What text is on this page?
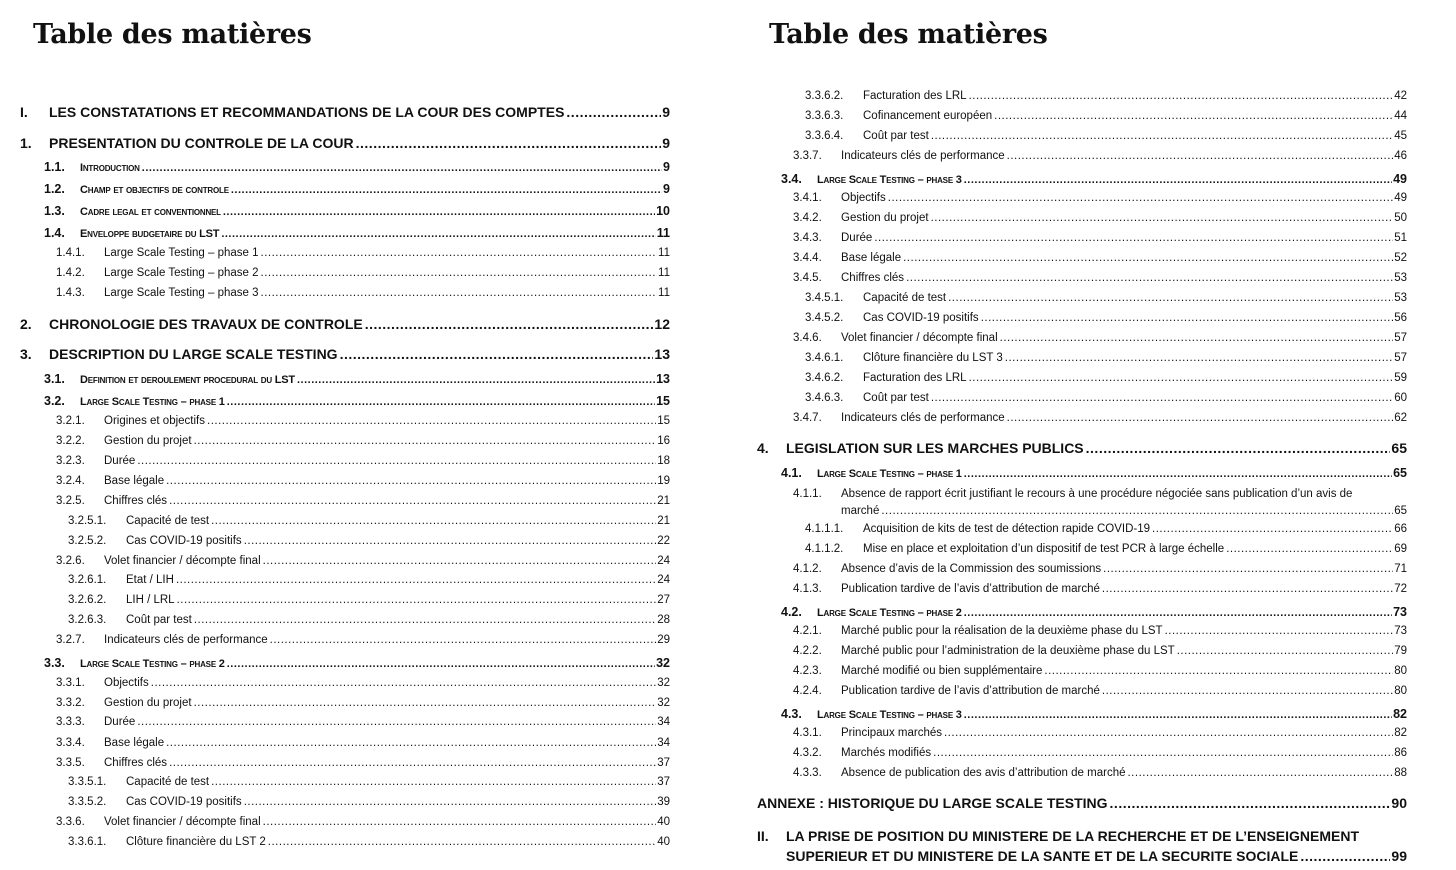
Table des matières
I.	LES CONSTATATIONS ET RECOMMANDATIONS DE LA COUR DES COMPTES .....	9
1.	PRESENTATION DU CONTROLE DE LA COUR .....	9
1.1.	Introduction .....	9
1.2.	Champ et objectifs de controle .....	9
1.3.	Cadre legal et conventionnel .....	10
1.4.	Enveloppe budgetaire du LST .....	11
1.4.1.	Large Scale Testing – phase 1 .....	11
1.4.2.	Large Scale Testing – phase 2 .....	11
1.4.3.	Large Scale Testing – phase 3 .....	11
2.	CHRONOLOGIE DES TRAVAUX DE CONTROLE .....	12
3.	DESCRIPTION DU LARGE SCALE TESTING .....	13
3.1.	Definition et deroulement procedural du LST .....	13
3.2.	Large Scale Testing – phase 1 .....	15
3.2.1.	Origines et objectifs .....	15
3.2.2.	Gestion du projet .....	16
3.2.3.	Durée .....	18
3.2.4.	Base légale .....	19
3.2.5.	Chiffres clés .....	21
3.2.5.1.	Capacité de test .....	21
3.2.5.2.	Cas COVID-19 positifs .....	22
3.2.6.	Volet financier / décompte final .....	24
3.2.6.1.	Etat / LIH .....	24
3.2.6.2.	LIH / LRL .....	27
3.2.6.3.	Coût par test .....	28
3.2.7.	Indicateurs clés de performance .....	29
3.3.	Large Scale Testing – phase 2 .....	32
3.3.1.	Objectifs .....	32
3.3.2.	Gestion du projet .....	32
3.3.3.	Durée .....	34
3.3.4.	Base légale .....	34
3.3.5.	Chiffres clés .....	37
3.3.5.1.	Capacité de test .....	37
3.3.5.2.	Cas COVID-19 positifs .....	39
3.3.6.	Volet financier / décompte final .....	40
3.3.6.1.	Clôture financière du LST 2 .....	40
Table des matières
3.3.6.2.	Facturation des LRL .....	42
3.3.6.3.	Cofinancement européen .....	44
3.3.6.4.	Coût par test .....	45
3.3.7.	Indicateurs clés de performance .....	46
3.4.	Large Scale Testing – phase 3 .....	49
3.4.1.	Objectifs .....	49
3.4.2.	Gestion du projet .....	50
3.4.3.	Durée .....	51
3.4.4.	Base légale .....	52
3.4.5.	Chiffres clés .....	53
3.4.5.1.	Capacité de test .....	53
3.4.5.2.	Cas COVID-19 positifs .....	56
3.4.6.	Volet financier / décompte final .....	57
3.4.6.1.	Clôture financière du LST 3 .....	57
3.4.6.2.	Facturation des LRL .....	59
3.4.6.3.	Coût par test .....	60
3.4.7.	Indicateurs clés de performance .....	62
4.	LEGISLATION SUR LES MARCHES PUBLICS .....	65
4.1.	Large Scale Testing – phase 1 .....	65
4.1.1.	Absence de rapport écrit justifiant le recours à une procédure négociée sans publication d’un avis de
marché .....	65
4.1.1.1.	Acquisition de kits de test de détection rapide COVID-19 .....	66
4.1.1.2.	Mise en place et exploitation d’un dispositif de test PCR à large échelle .....	69
4.1.2.	Absence d’avis de la Commission des soumissions .....	71
4.1.3.	Publication tardive de l’avis d’attribution de marché .....	72
4.2.	Large Scale Testing – phase 2 .....	73
4.2.1.	Marché public pour la réalisation de la deuxième phase du LST .....	73
4.2.2.	Marché public pour l’administration de la deuxième phase du LST .....	79
4.2.3.	Marché modifié ou bien supplémentaire .....	80
4.2.4.	Publication tardive de l’avis d’attribution de marché .....	80
4.3.	Large Scale Testing – phase 3 .....	82
4.3.1.	Principaux marchés .....	82
4.3.2.	Marchés modifiés .....	86
4.3.3.	Absence de publication des avis d’attribution de marché .....	88
ANNEXE : HISTORIQUE DU LARGE SCALE TESTING .....	90
II.	LA PRISE DE POSITION DU MINISTERE DE LA RECHERCHE ET DE L’ENSEIGNEMENT
SUPERIEUR ET DU MINISTERE DE LA SANTE ET DE LA SECURITE SOCIALE .....	99
